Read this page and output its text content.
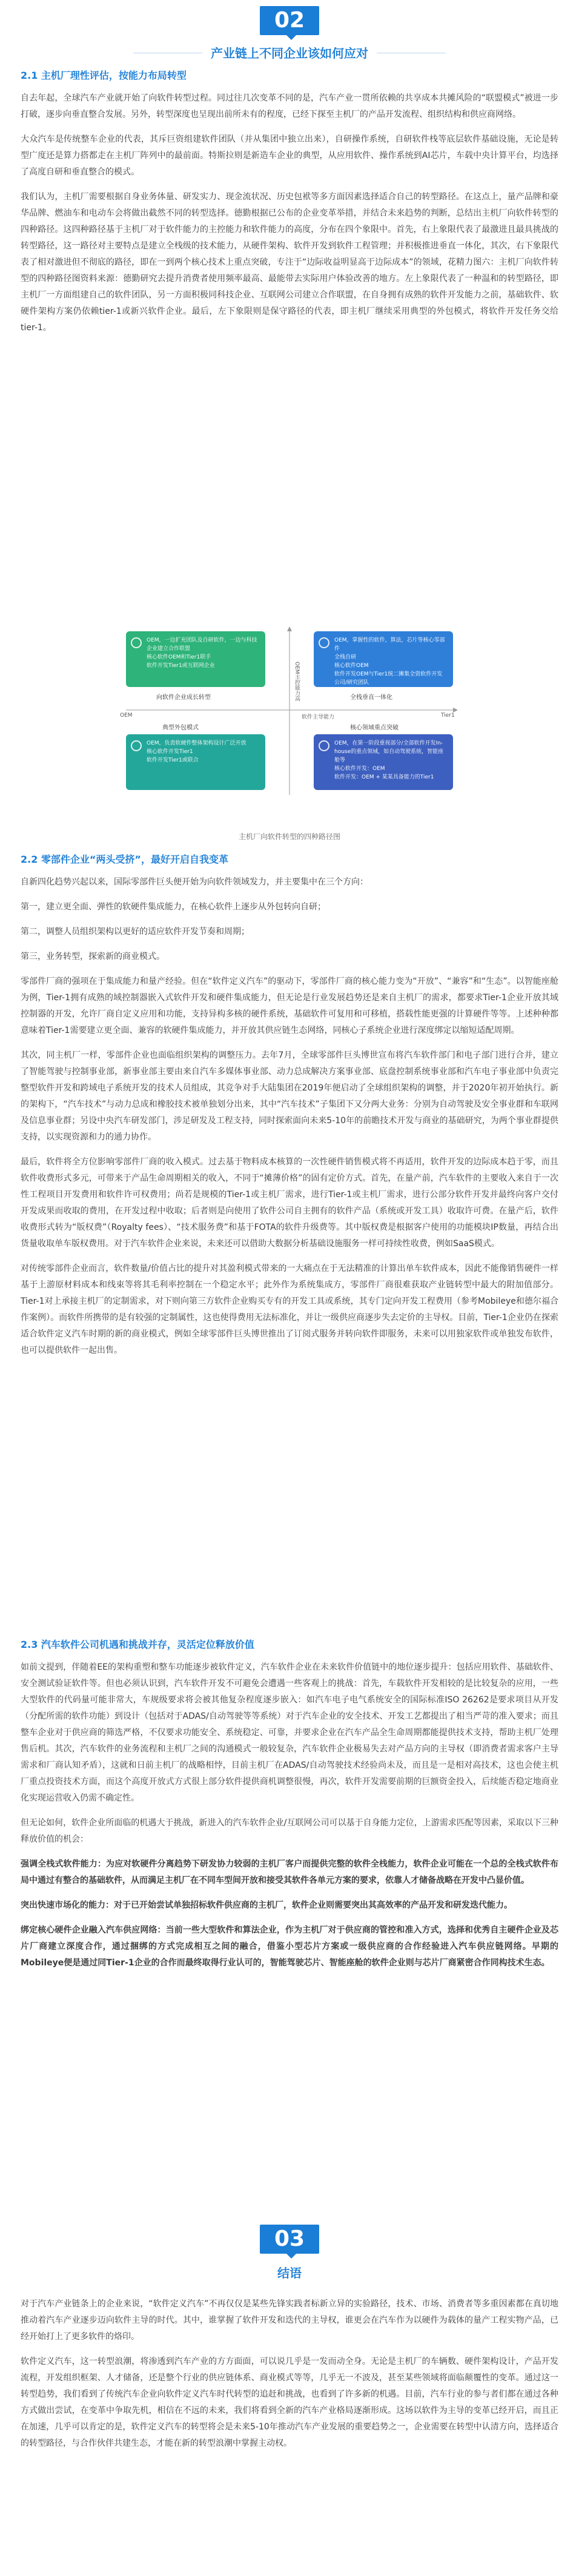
02
产业链上不同企业该如何应对
2.1 主机厂理性评估，按能力布局转型

自去年起，全球汽车产业就开始了向软件转型过程。同过往几次变革不同的是，汽车产业一贯所依赖的共享成本共摊风险的“联盟模式”被进一步打破，逐步向垂直整合发展。另外，转型深度也呈现出前所未有的程度，已经下探至主机厂的产品开发流程、组织结构和供应商网络。

大众汽车是传统整车企业的代表，其斥巨资组建软件团队（并从集团中独立出来），自研操作系统，自研软件栈等底层软件基础设施，无论是转型广度还是算力搭都走在主机厂阵列中的最前面。特斯拉则是新造车企业的典型，从应用软件、操作系统到AI芯片，车载中央计算平台，均选择了高度自研和垂直整合的模式。

我们认为，主机厂需要根据自身业务体量、研发实力、现金流状况、历史包袱等多方面因素选择适合自己的转型路径。在这点上，量产品牌和豪华品牌、燃油车和电动车会将做出截然不同的转型选择。德勤根据已公布的企业变革举措，并结合未来趋势的判断，总结出主机厂向软件转型的四种路径。这四种路径基于主机厂对于软件能力的主控能力和软件能力的高度，分布在四个象限中。首先，右上象限代表了最激进且最具挑战的转型路径，这一路径对主要特点是建立全栈级的技术能力，从硬件架构、软件开发到软件工程管理；并积极推进垂直一体化，其次，右下象限代表了相对激进但不彻底的路径，即在一到两个核心技术上重点突破，专注于“边际收益明显高于边际成本”的领域，花精力图六：主机厂向软件转型的四种路径图资料来源：德勤研究去提升消费者使用频率最高、最能带去实际用户体验改善的地方。左上象限代表了一种温和的转型路径，即主机厂一方面组建自己的软件团队，另一方面积极同科技企业、互联网公司建立合作联盟，在自身拥有成熟的软件开发能力之前，基础软件、软硬件架构方案仍依赖tier-1或新兴软件企业。最后，左下象限则是保守路径的代表，即主机厂继续采用典型的外包模式，将软件开发任务交给tier-1。

OEM，一边扩充团队及自研软件，一边与科技企业建立合作联盟
核心软件OEM和Tier1联手
软件开发Tier1或互联网企业
OEM，掌握性的软件，算法，芯片等核心零部件
全栈自研
核心软件OEM
软件开发OEM与Tier1统二摊集全资软件开发公司/研究团队
OEM，负责软硬件整体架构设计广泛开放
核心软件开发Tier1
软件开发Tier1或联合
OEM，在第一阶段重视部分/全部软件开发In-house的重点领域，如自动驾驶系统，智能座舱等
核心软件开发：OEM
软件开发：OEM + 某某具备能力的Tier1
向软件企业成长转型	全栈垂直一体化
典型外包模式	核心领域重点突破
OEM	Tier1
软件主导能力
OEM主控能力高

主机厂向软件转型的四种路径图

2.2 零部件企业“两头受挤”，最好开启自我变革

自新四化趋势兴起以来，国际零部件巨头便开始为向软件领域发力，并主要集中在三个方向：

第一，建立更全面、弹性的软硬件集成能力，在核心软件上逐步从外包转向自研；

第二，调整人员组织架构以更好的适应软件开发节奏和周期；

第三，业务转型，探索新的商业模式。

零部件厂商的强项在于集成能力和量产经验。但在“软件定义汽车”的驱动下，零部件厂商的核心能力变为“开放”、“兼容”和“生态”。以智能座舱为例，Tier-1拥有成熟的域控制器嵌入式软件开发和硬件集成能力，但无论是行业发展趋势还是来自主机厂的需求，都要求Tier-1企业开放其域控制器的开发，允许厂商自定义应用和功能，支持异构多核的硬件系统，基础软件可复用和可移植，搭载性能更强的计算硬件等等。上述种种都意味着Tier-1需要建立更全面、兼容的软硬件集成能力，并开放其供应链生态网络，同核心子系统企业进行深度绑定以缩短适配周期。

其次，同主机厂一样，零部件企业也面临组织架构的调整压力。去年7月，全球零部件巨头博世宣布将汽车软件部门和电子部门进行合并，建立了智能驾驶与控制事业部，新事业部主要由来自汽车多媒体事业部、动力总成解决方案事业部、底盘控制系统事业部和汽车电子事业部中负责完整型软件开发和跨域电子系统开发的技术人员组成，其竞争对手大陆集团在2019年便启动了全球组织架构的调整，并于2020年初开始执行。新的架构下，“汽车技术”与动力总成和橡胶技术被单独划分出来，其中“汽车技术”子集团下又分两大业务：分别为自动驾驶及安全事业群和车联网及信息事业群；另设中央汽车研发部门，涉足研发及工程支持，同时探索面向未来5-10年的前瞻技术开发与商业的基础研究，为两个事业群提供支持，以实现资源和力的通力协作。

最后，软件将全方位影响零部件厂商的收入模式。过去基于物料成本核算的一次性硬件销售模式将不再适用，软件开发的边际成本趋于零，而且软件收费形式多元，可带来于产品生命周期相关的收入，不同于“摊薄价格”的固有定价方式。首先，在量产前，汽车软件的主要收入来自于一次性工程项目开发费用和软件许可权费用；尚若是规模的Tier-1或主机厂需求，进行Tier-1或主机厂需求，进行公部分软件开发并最终向客户交付开发成果而收取的费用，在开发过程中收取；后者则是向使用了软件公司自主拥有的软件产品（系统或开发工具）收取许可费。在量产后，软件收费形式转为“版权费”（Royalty fees）、“技术服务费”和基于FOTA的软件升级费等。其中版权费是根据客户使用的功能模块IP数量，再结合出货量收取单车版权费用。对于汽车软件企业来说，未来还可以借助大数据分析基础设施服务一样可持续性收费，例如SaaS模式。

对传统零部件企业而言，软件数量/价值占比的提升对其盈利模式带来的一大痛点在于无法精准的计算出单车软件成本，因此不能像销售硬件一样基于上游原材料成本和线束等将其毛利率控制在一个稳定水平；此外作为系统集成方，零部件厂商很难获取产业链转型中最大的附加值部分。Tier-1对上承接主机厂的定制需求，对下则向第三方软件企业购买专有的开发工具或系统，其专门定向开发工程费用（参考Mobileye和德尔福合作案例）。而软件所携带的是有较强的定制属性，这也使得费用无法标准化，并让一级供应商逐步失去定价的主导权。目前，Tier-1企业仍在探索适合软件定义汽车时期的新的商业模式，例如全球零部件巨头博世推出了订阅式服务并转向软件即服务，未来可以用独家软件或单独发布软件，也可以提供软件一起出售。

2.3 汽车软件公司机遇和挑战并存，灵活定位释放价值

如前文提到，伴随着EE的架构重塑和整车功能逐步被软件定义，汽车软件企业在未来软件价值链中的地位逐步提升：包括应用软件、基础软件、安全测试验证软件等。但也必须认识到，汽车软件开发不可避免会遭遇一些客观上的挑战：首先，车载软件开发相较的是比较复杂的应用，一些大型软件的代码量可能非常大，车规级要求将会被其他复杂程度逐步嵌入：如汽车电子电气系统安全的国际标准ISO 26262是要求项目从开发（分配所需的软件功能）到设计（包括对于ADAS/自动驾驶等等系统）对于汽车企业的安全技术、开发工艺都提出了相当严苛的准入要求；而且整车企业对于供应商的筛选严格，不仅要求功能安全、系统稳定、可靠，并要求企业在汽车产品全生命周期都能提供技术支持，帮助主机厂处理售后机。其次，汽车软件的业务流程和主机厂之间的沟通模式一般较复杂，汽车软件企业极易失去对产品方向的主导权（即消费者需求客户主导需求和厂商认知矛盾），这就和日前主机厂的战略相悖，目前主机厂在ADAS/自动驾驶技术经验尚未及，而且是一是相对高技术，这也会使主机厂重点投资技术方面，而这个高度开放式方式很上部分软件提供商机调整很慢，再次，软件开发需要前期的巨额资金投入，后续能否稳定地商业化实现运营收入仍需不确定性。

但无论如何，软件企业所面临的机遇大于挑战，新进入的汽车软件企业/互联网公司可以基于自身能力定位，上游需求匹配等因素，采取以下三种释放价值的机会：

强调全栈式软件能力：为应对软硬件分离趋势下研发协力较弱的主机厂客户而提供完整的软件全栈能力，软件企业可能在一个总的全栈式软件布局中通过有整合的基础软件，从而满足主机厂在不同车型间开放和接受其软件各单元方案的要求，依靠人才储备战略在开发中凸显价值。

突出快速市场化的能力：对于已开始尝试单独招标软件供应商的主机厂，软件企业则需要突出其高效率的产品开发和研发迭代能力。

绑定核心硬件企业融入汽车供应网络：当前一些大型软件和算法企业，作为主机厂对于供应商的管控和准入方式，选择和优秀自主硬件企业及芯片厂商建立深度合作，通过捆绑的方式完成相互之间的融合，借鉴小型芯片方案或一级供应商的合作经验进入汽车供应链网络。早期的Mobileye便是通过同Tier-1企业的合作而最终取得行业认可的，智能驾驶芯片、智能座舱的软件企业则与芯片厂商紧密合作同构技术生态。

03
结语

对于汽车产业链条上的企业来说，“软件定义汽车”不再仅仅是某些先锋实践者标新立异的实验路径，技术、市场、消费者等多重因素都在真切地推动着汽车产业逐步迈向软件主导的时代。其中，谁掌握了软件开发和迭代的主导权，谁更会在汽车作为以硬件为载体的量产工程实物产品，已经开始打上了更多软件的烙印。

软件定义汽车，这一转型浪潮，将渗透到汽车产业的方方面面，可以说几乎是一发而动全身。无论是主机厂的车辆数、硬件架构设计，产品开发流程，开发组织框架、人才储备，还是整个行业的供应链体系、商业模式等等，几乎无一不波及，甚至某些领域将面临颠覆性的变革。通过这一转型趋势，我们看到了传统汽车企业向软件定义汽车时代转型的追赶和挑战，也看到了许多新的机遇。目前，汽车行业的参与者们都在通过各种方式做出尝试，在变革中争取先机，相信在不远的未来，我们将看到全新的汽车产业格局逐渐形成。这场以软件为主导的变革已经开启，而且正在加速，几乎可以肯定的是，软件定义汽车的转型将会是未来5-10年推动汽车产业发展的重要趋势之一，企业需要在转型中认清方向，选择适合的转型路径，与合作伙伴共建生态，才能在新的转型浪潮中掌握主动权。
